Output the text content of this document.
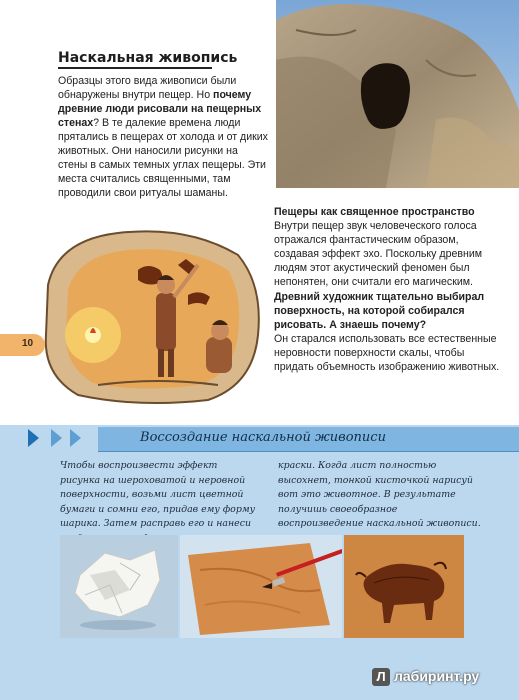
Наскальная живопись
Образцы этого вида живописи были обнаружены внутри пещер. Но почему древние люди рисовали на пещерных стенах? В те далекие времена люди прятались в пещерах от холода и от диких животных. Они наносили рисунки на стены в самых темных углах пещеры. Эти места считались священными, там проводили свои ритуалы шаманы.
Пещеры как священное пространство
Внутри пещер звук человеческого голоса отражался фантастическим образом, создавая эффект эхо. Поскольку древним людям этот акустический феномен был непонятен, они считали его магическим.
Древний художник тщательно выбирал поверхность, на которой собирался рисовать. А знаешь почему?
Он старался использовать все естественные неровности поверхности скалы, чтобы придать объемность изображению животных.
10
Воссоздание наскальной живописи
Чтобы воспроизвести эффект рисунка на шероховатой и неровной поверхности, возьми лист цветной бумаги и сомни его, придав ему форму шарика. Затем расправь его и нанеси
краски. Когда лист полностью высохнет, тонкой кисточкой нарисуй вот это животное. В результате получишь своеобразное воспроизведение наскальной живописи.
Л лабиринт.ру
